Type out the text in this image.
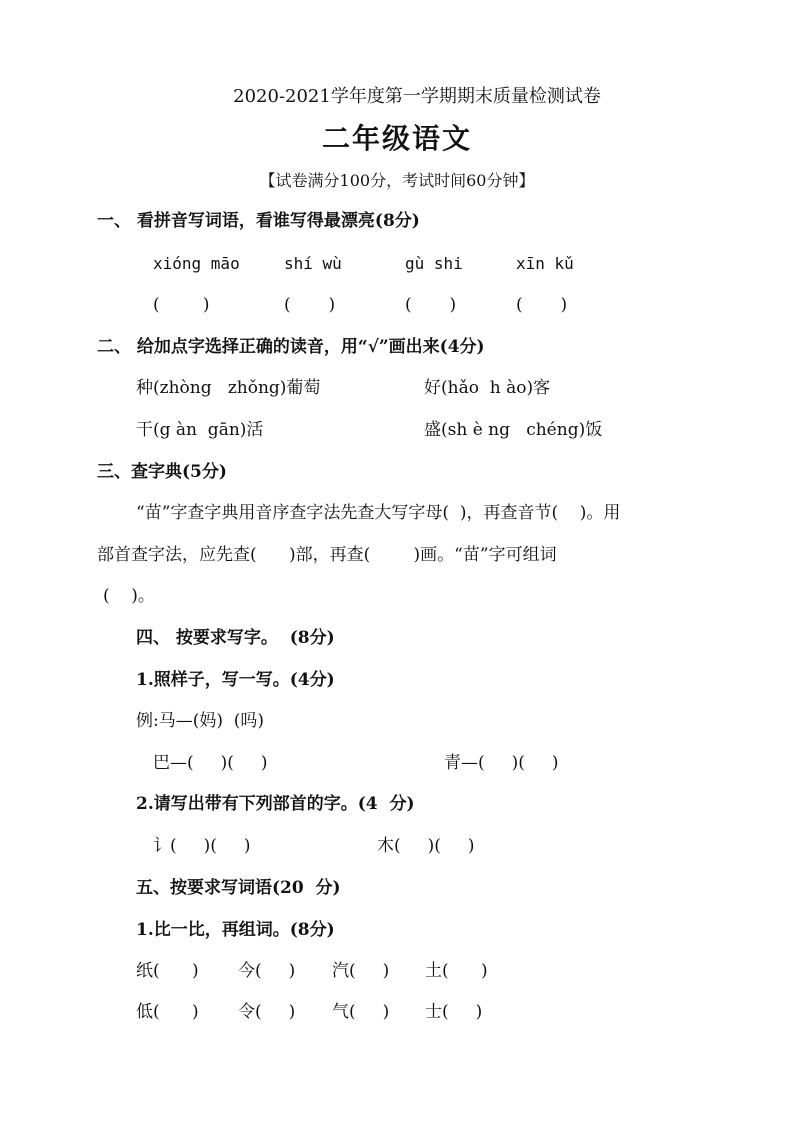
2020-2021学年度第一学期期末质量检测试卷
二年级语文
【试卷满分100分，考试时间60分钟】
一、 看拼音写词语，看谁写得最漂亮(8分)
xióng māo	shí wù	gù shi	xīn kǔ
(        )	(       )	(       )	(       )
二、 给加点字选择正确的读音，用“√”画出来(4分)
种(zhòng   zhǒng)葡萄	好(hǎo  h ào)客
干(g àn  gān)活	盛(sh è ng   chéng)饭
三、查字典(5分)
“苗”字查字典用音序查字法先查大写字母(  )，再查音节(    )。用
部首查字法，应先查(      )部，再查(        )画。“苗”字可组词
(    )。
四、 按要求写字。  (8分)
1.照样子，写一写。(4分)
例:马—(妈)  (吗)
巴—(     )(     )	青—(     )(     )
2.请写出带有下列部首的字。(4  分)
讠(     )(     )	木(     )(     )
五、按要求写词语(20  分)
1.比一比，再组词。(8分)
纸(      ) 今(     ) 汽(     ) 土(      )
低(      ) 令(     ) 气(     ) 士(     )
